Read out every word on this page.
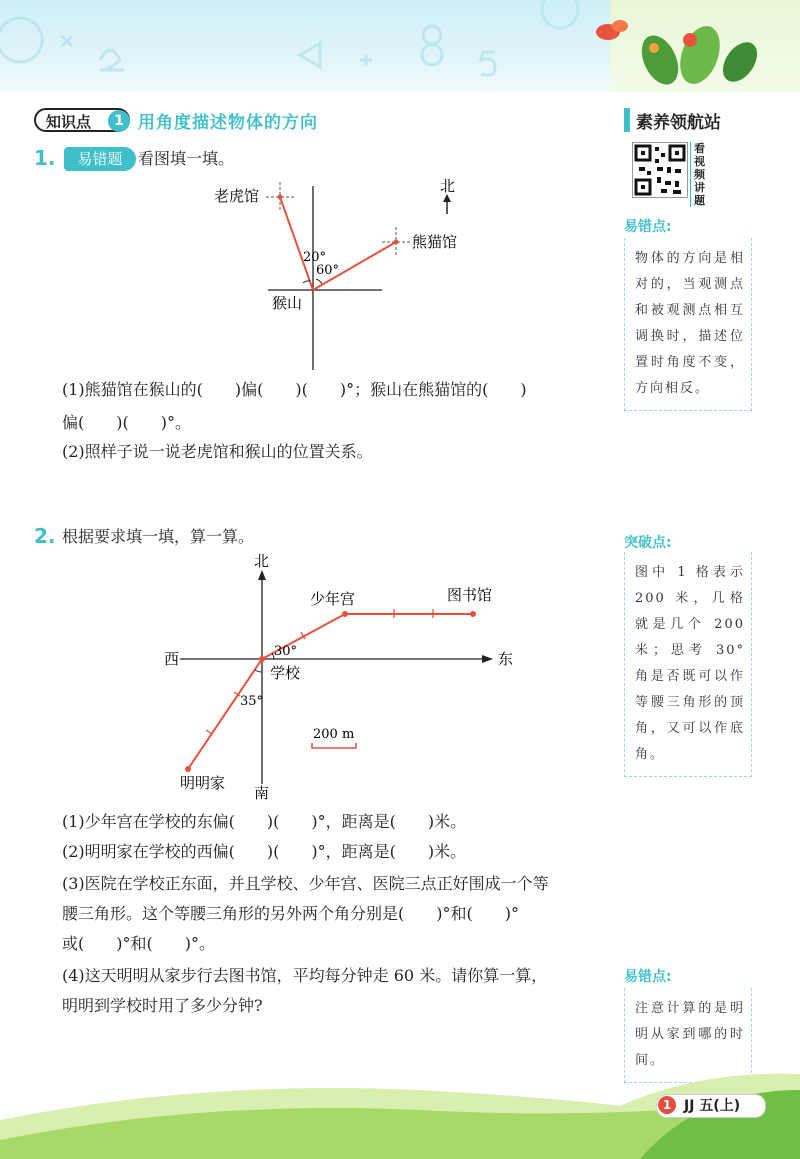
知识点	1 用角度描述物体的方向
1.	易错题 看图填一填。
北
老虎馆
熊猫馆
猴山
20°
60°
(1)熊猫馆在猴山的(　　)偏(　　)(　　)°；猴山在熊猫馆的(　　)
偏(　　)(　　)°。
(2)照样子说一说老虎馆和猴山的位置关系。
2. 根据要求填一填，算一算。
北
南
西	东
30°
35°
少年宫	图书馆
学校
明明家
200 m
(1)少年宫在学校的东偏(　　)(　　)°，距离是(　　)米。
(2)明明家在学校的西偏(　　)(　　)°，距离是(　　)米。
(3)医院在学校正东面，并且学校、少年宫、医院三点正好围成一个等
腰三角形。这个等腰三角形的另外两个角分别是(　　)°和(　　)°
或(　　)°和(　　)°。
(4)这天明明从家步行去图书馆，平均每分钟走 60 米。请你算一算，
明明到学校时用了多少分钟?
素养领航站
看视频讲题
易错点:
物体的方向是相对的，当观测点和被观测点相互调换时，描述位置时角度不变，方向相反。
突破点:
图中 1 格表示 200 米，几格就是几个 200 米；思考 30°角是否既可以作等腰三角形的顶角，又可以作底角。
易错点:
注意计算的是明明从家到哪的时间。
1 JJ 五(上)
